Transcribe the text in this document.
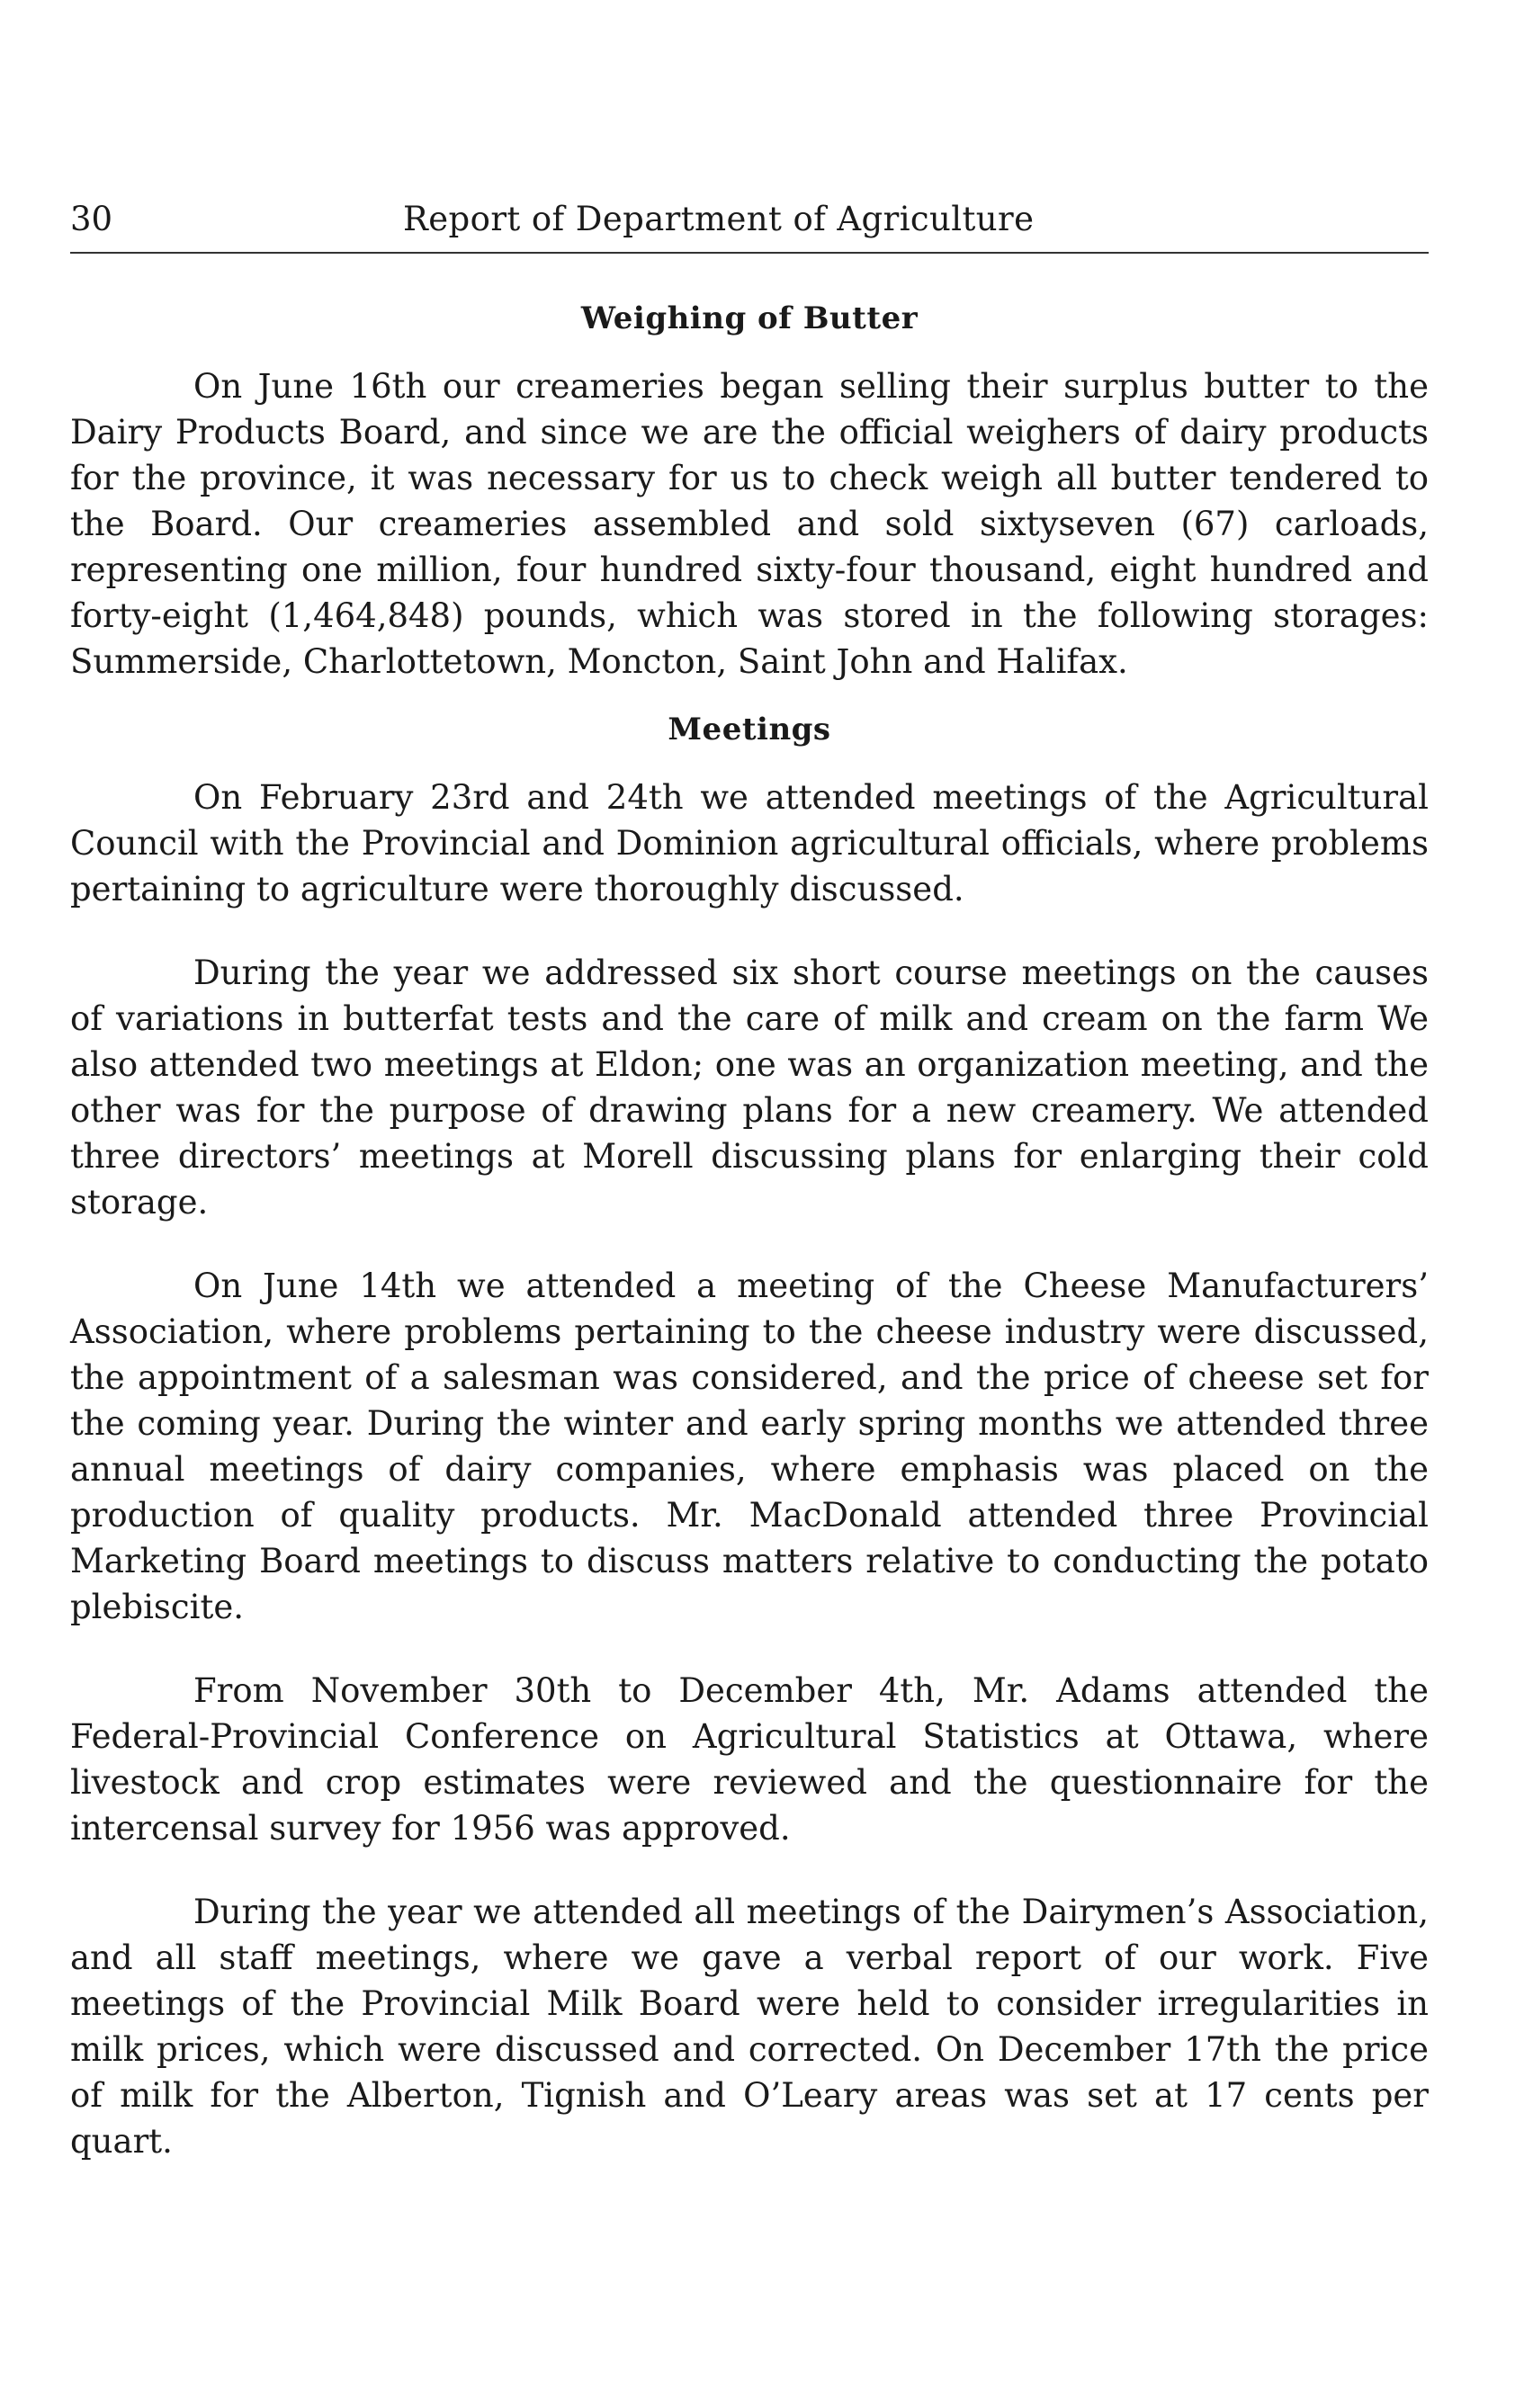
30	Report of Department of Agriculture
Weighing of Butter

On June 16th our creameries began selling their surplus butter to the Dairy Products Board, and since we are the official weighers of dairy products for the province, it was necessary for us to check weigh all butter tendered to the Board. Our creameries assembled and sold sixtyseven (67) carloads, representing one million, four hundred sixty-four thousand, eight hundred and forty-eight (1,464,848) pounds, which was stored in the following storages: Summerside, Charlottetown, Moncton, Saint John and Halifax.

Meetings

On February 23rd and 24th we attended meetings of the Agricultural Council with the Provincial and Dominion agricultural officials, where problems pertaining to agriculture were thoroughly discussed.

During the year we addressed six short course meetings on the causes of variations in butterfat tests and the care of milk and cream on the farm We also attended two meetings at Eldon; one was an organization meeting, and the other was for the purpose of drawing plans for a new creamery. We attended three directors’ meetings at Morell discussing plans for enlarging their cold storage.

On June 14th we attended a meeting of the Cheese Manufacturers’ Association, where problems pertaining to the cheese industry were discussed, the appointment of a salesman was considered, and the price of cheese set for the coming year. During the winter and early spring months we attended three annual meetings of dairy companies, where emphasis was placed on the production of quality products. Mr. MacDonald attended three Provincial Marketing Board meetings to discuss matters relative to conducting the potato plebiscite.

From November 30th to December 4th, Mr. Adams attended the Federal-Provincial Conference on Agricultural Statistics at Ottawa, where livestock and crop estimates were reviewed and the questionnaire for the intercensal survey for 1956 was approved.

During the year we attended all meetings of the Dairymen’s Association, and all staff meetings, where we gave a verbal report of our work. Five meetings of the Provincial Milk Board were held to consider irregularities in milk prices, which were discussed and corrected. On December 17th the price of milk for the Alberton, Tignish and O’Leary areas was set at 17 cents per quart.
